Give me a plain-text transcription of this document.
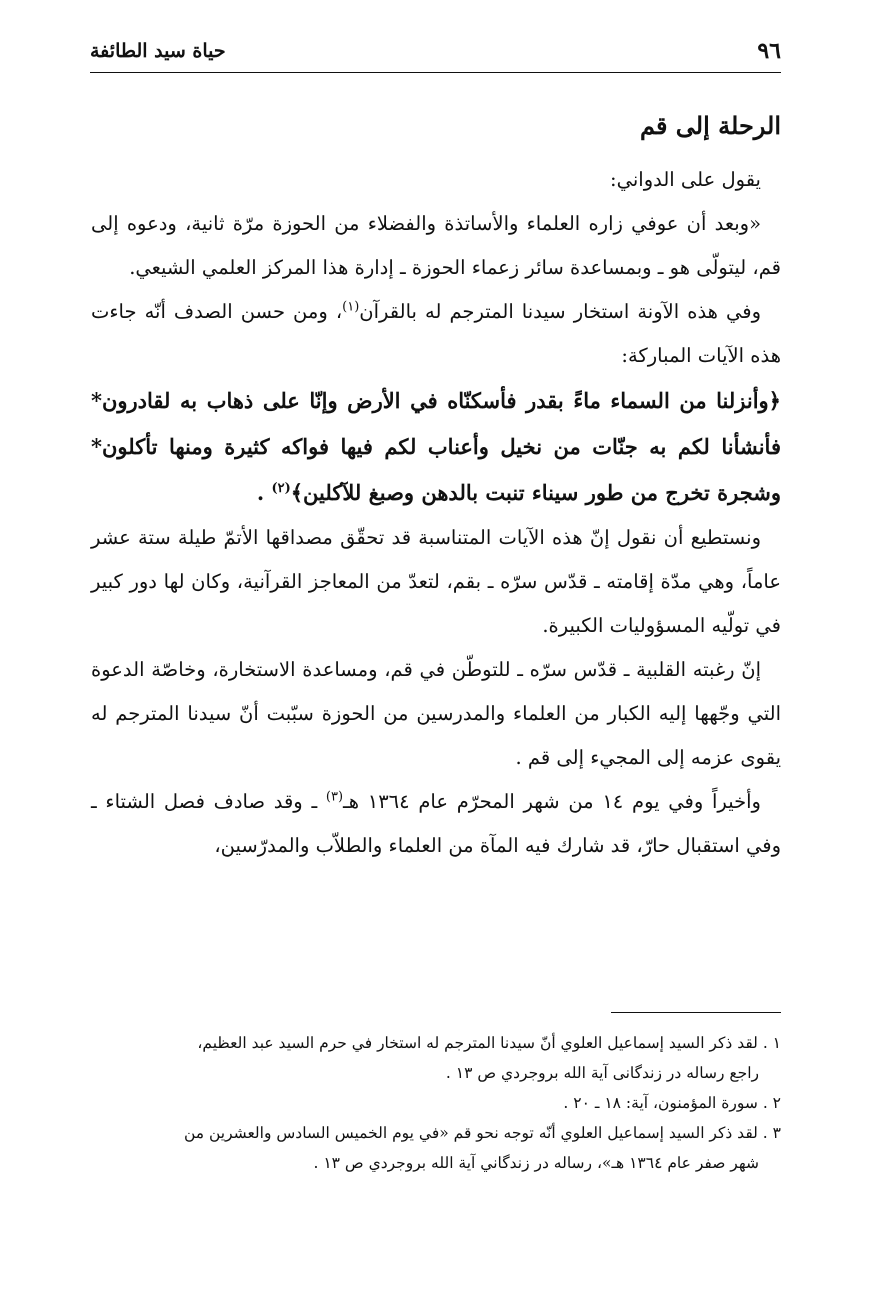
٩٦
حياة سيد الطائفة
الرحلة إلى قم

يقول على الدواني:

«وبعد أن عوفي زاره العلماء والأساتذة والفضلاء من الحوزة مرّة ثانية، ودعوه إلى قم، ليتولّى هو ـ وبمساعدة سائر زعماء الحوزة ـ إدارة هذا المركز العلمي الشيعي.

وفي هذه الآونة استخار سيدنا المترجم له بالقرآن$^{(١)}$، ومن حسن الصدف أنّه جاءت هذه الآيات المباركة:

﴿وأنزلنا من السماء ماءً بقدر فأسكنّاه في الأرض وإنّا على ذهاب به لقادرون* فأنشأنا لكم به جنّات من نخيل وأعناب لكم فيها فواكه كثيرة ومنها تأكلون* وشجرة تخرج من طور سيناء تنبت بالدهن وصبغ للآكلين﴾$^{(٢)}$ .

ونستطيع أن نقول إنّ هذه الآيات المتناسبة قد تحقّق مصداقها الأتمّ طيلة ستة عشر عاماً، وهي مدّة إقامته ـ قدّس سرّه ـ بقم، لتعدّ من المعاجز القرآنية، وكان لها دور كبير في تولّيه المسؤوليات الكبيرة.

إنّ رغبته القلبية ـ قدّس سرّه ـ للتوطّن في قم، ومساعدة الاستخارة، وخاصّة الدعوة التي وجّهها إليه الكبار من العلماء والمدرسين من الحوزة سبّبت أنّ سيدنا المترجم له يقوى عزمه إلى المجيء إلى قم .

وأخيراً وفي يوم ١٤ من شهر المحرّم عام ١٣٦٤ هـ$^{(٣)}$ ـ وقد صادف فصل الشتاء ـ وفي استقبال حارّ، قد شارك فيه المآة من العلماء والطلاّب والمدرّسين،

١ . لقد ذكر السيد إسماعيل العلوي أنّ سيدنا المترجم له استخار في حرم السيد عبد العظيم،
راجع رساله در زندگانى آية الله بروجردي ص ١٣ .
٢ . سورة المؤمنون، آية: ١٨ ـ ٢٠ .
٣ . لقد ذكر السيد إسماعيل العلوي أنّه توجه نحو قم «في يوم الخميس السادس والعشرين من
شهر صفر عام ١٣٦٤ هـ»، رساله در زندگاني آية الله بروجردي ص ١٣ .
